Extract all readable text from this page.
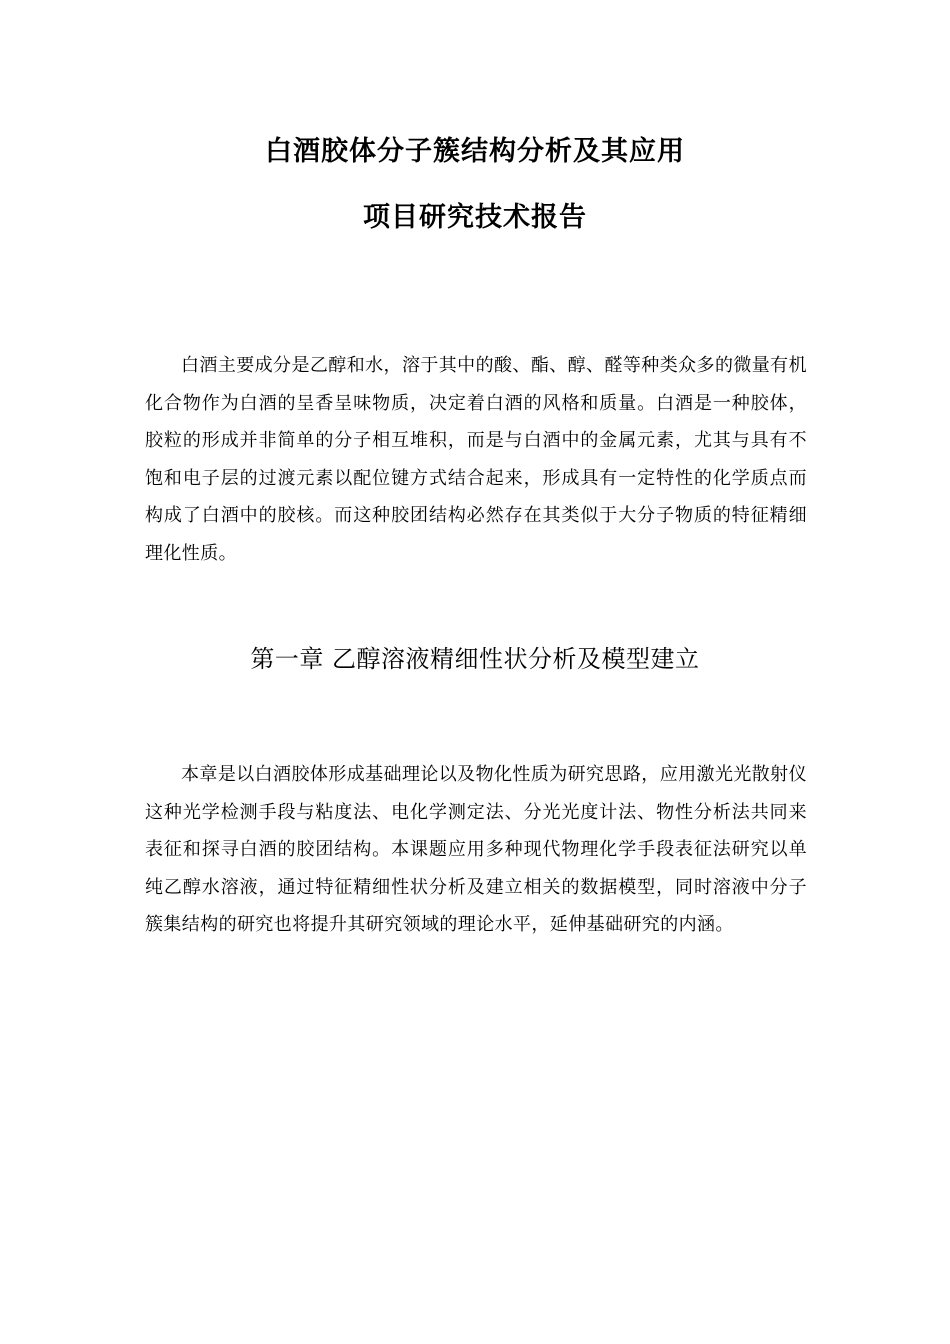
白酒胶体分子簇结构分析及其应用
项目研究技术报告

白酒主要成分是乙醇和水，溶于其中的酸、酯、醇、醛等种类众多的微量有机化合物作为白酒的呈香呈味物质，决定着白酒的风格和质量。白酒是一种胶体，胶粒的形成并非简单的分子相互堆积，而是与白酒中的金属元素，尤其与具有不饱和电子层的过渡元素以配位键方式结合起来，形成具有一定特性的化学质点而构成了白酒中的胶核。而这种胶团结构必然存在其类似于大分子物质的特征精细理化性质。

第一章 乙醇溶液精细性状分析及模型建立

本章是以白酒胶体形成基础理论以及物化性质为研究思路，应用激光光散射仪这种光学检测手段与粘度法、电化学测定法、分光光度计法、物性分析法共同来表征和探寻白酒的胶团结构。本课题应用多种现代物理化学手段表征法研究以单纯乙醇水溶液，通过特征精细性状分析及建立相关的数据模型，同时溶液中分子簇集结构的研究也将提升其研究领域的理论水平，延伸基础研究的内涵。
